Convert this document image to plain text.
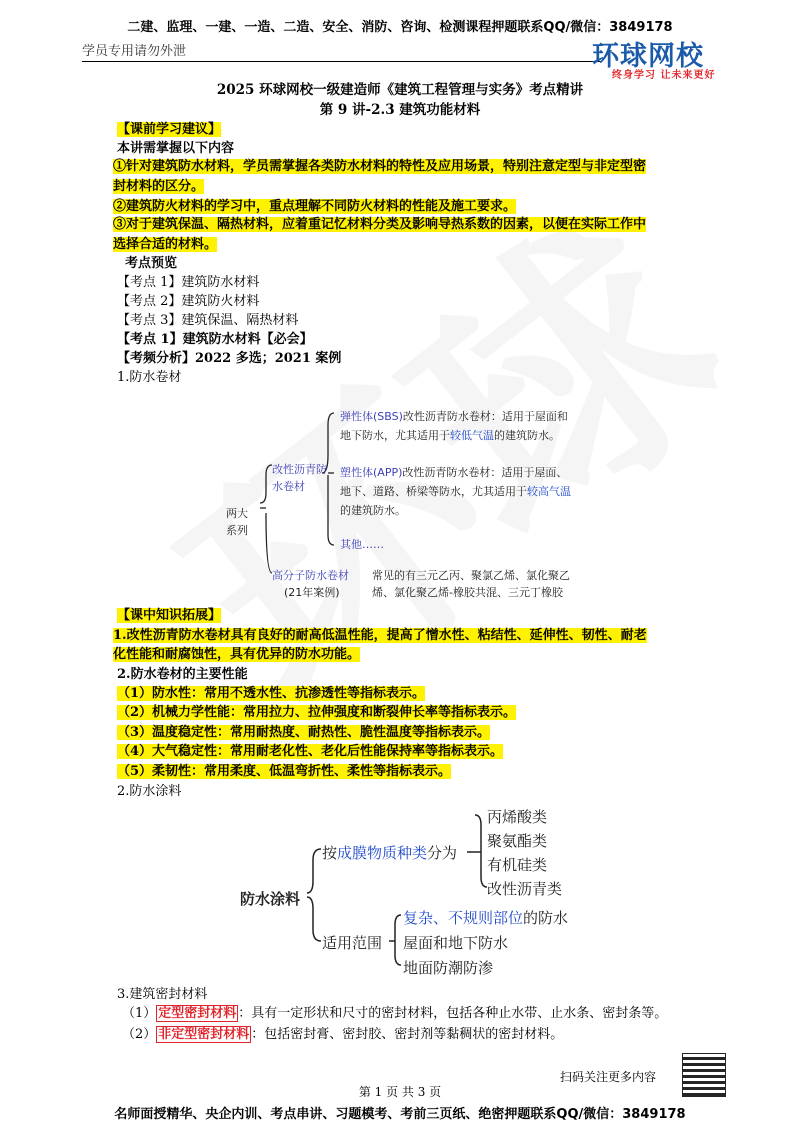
二建、监理、一建、一造、二造、安全、消防、咨询、检测课程押题联系QQ/微信：3849178
学员专用请勿外泄	环球网校
终身学习 让未来更好
2025 环球网校一级建造师《建筑工程管理与实务》考点精讲
第 9 讲-2.3 建筑功能材料
【课前学习建议】
本讲需掌握以下内容
①针对建筑防水材料，学员需掌握各类防水材料的特性及应用场景，特别注意定型与非定型密
封材料的区分。
②建筑防火材料的学习中，重点理解不同防火材料的性能及施工要求。
③对于建筑保温、隔热材料，应着重记忆材料分类及影响导热系数的因素，以便在实际工作中
选择合适的材料。
考点预览
【考点 1】建筑防水材料
【考点 2】建筑防火材料
【考点 3】建筑保温、隔热材料
【考点 1】建筑防水材料【必会】
【考频分析】2022 多选；2021 案例
1.防水卷材
两大系列
改性沥青防水卷材
弹性体(SBS)改性沥青防水卷材：适用于屋面和
地下防水，尤其适用于较低气温的建筑防水。
塑性体(APP)改性沥青防水卷材：适用于屋面、
地下、道路、桥梁等防水，尤其适用于较高气温
的建筑防水。
其他……
高分子防水卷材
(21年案例)
常见的有三元乙丙、聚氯乙烯、氯化聚乙
烯、氯化聚乙烯-橡胶共混、三元丁橡胶
【课中知识拓展】
1.改性沥青防水卷材具有良好的耐高低温性能，提高了憎水性、粘结性、延伸性、韧性、耐老
化性能和耐腐蚀性，具有优异的防水功能。
2.防水卷材的主要性能
（1）防水性：常用不透水性、抗渗透性等指标表示。
（2）机械力学性能：常用拉力、拉伸强度和断裂伸长率等指标表示。
（3）温度稳定性：常用耐热度、耐热性、脆性温度等指标表示。
（4）大气稳定性：常用耐老化性、老化后性能保持率等指标表示。
（5）柔韧性：常用柔度、低温弯折性、柔性等指标表示。
2.防水涂料
防水涂料
按成膜物质种类分为
丙烯酸类
聚氨酯类
有机硅类
改性沥青类
适用范围
复杂、不规则部位的防水
屋面和地下防水
地面防潮防渗
3.建筑密封材料
（1） 定型密封材料 ：具有一定形状和尺寸的密封材料，包括各种止水带、止水条、密封条等。
（2） 非定型密封材料 ：包括密封膏、密封胶、密封剂等黏稠状的密封材料。
扫码关注更多内容
第 1 页 共 3 页
名师面授精华、央企内训、考点串讲、习题模考、考前三页纸、绝密押题联系QQ/微信：3849178
